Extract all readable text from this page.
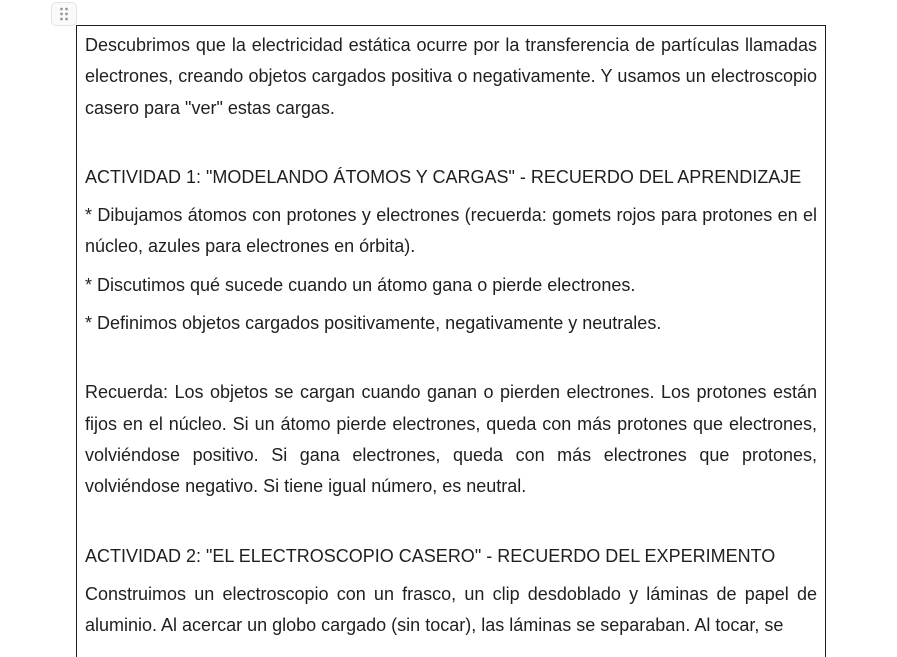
Descubrimos que la electricidad estática ocurre por la transferencia de partículas llamadas electrones, creando objetos cargados positiva o negativamente. Y usamos un electroscopio casero para "ver" estas cargas.

ACTIVIDAD 1: "MODELANDO ÁTOMOS Y CARGAS" - RECUERDO DEL APRENDIZAJE

* Dibujamos átomos con protones y electrones (recuerda: gomets rojos para protones en el núcleo, azules para electrones en órbita).

* Discutimos qué sucede cuando un átomo gana o pierde electrones.

* Definimos objetos cargados positivamente, negativamente y neutrales.

Recuerda: Los objetos se cargan cuando ganan o pierden electrones. Los protones están fijos en el núcleo. Si un átomo pierde electrones, queda con más protones que electrones, volviéndose positivo. Si gana electrones, queda con más electrones que protones, volviéndose negativo. Si tiene igual número, es neutral.

ACTIVIDAD 2: "EL ELECTROSCOPIO CASERO" - RECUERDO DEL EXPERIMENTO

Construimos un electroscopio con un frasco, un clip desdoblado y láminas de papel de aluminio. Al acercar un globo cargado (sin tocar), las láminas se separaban. Al tocar, se
